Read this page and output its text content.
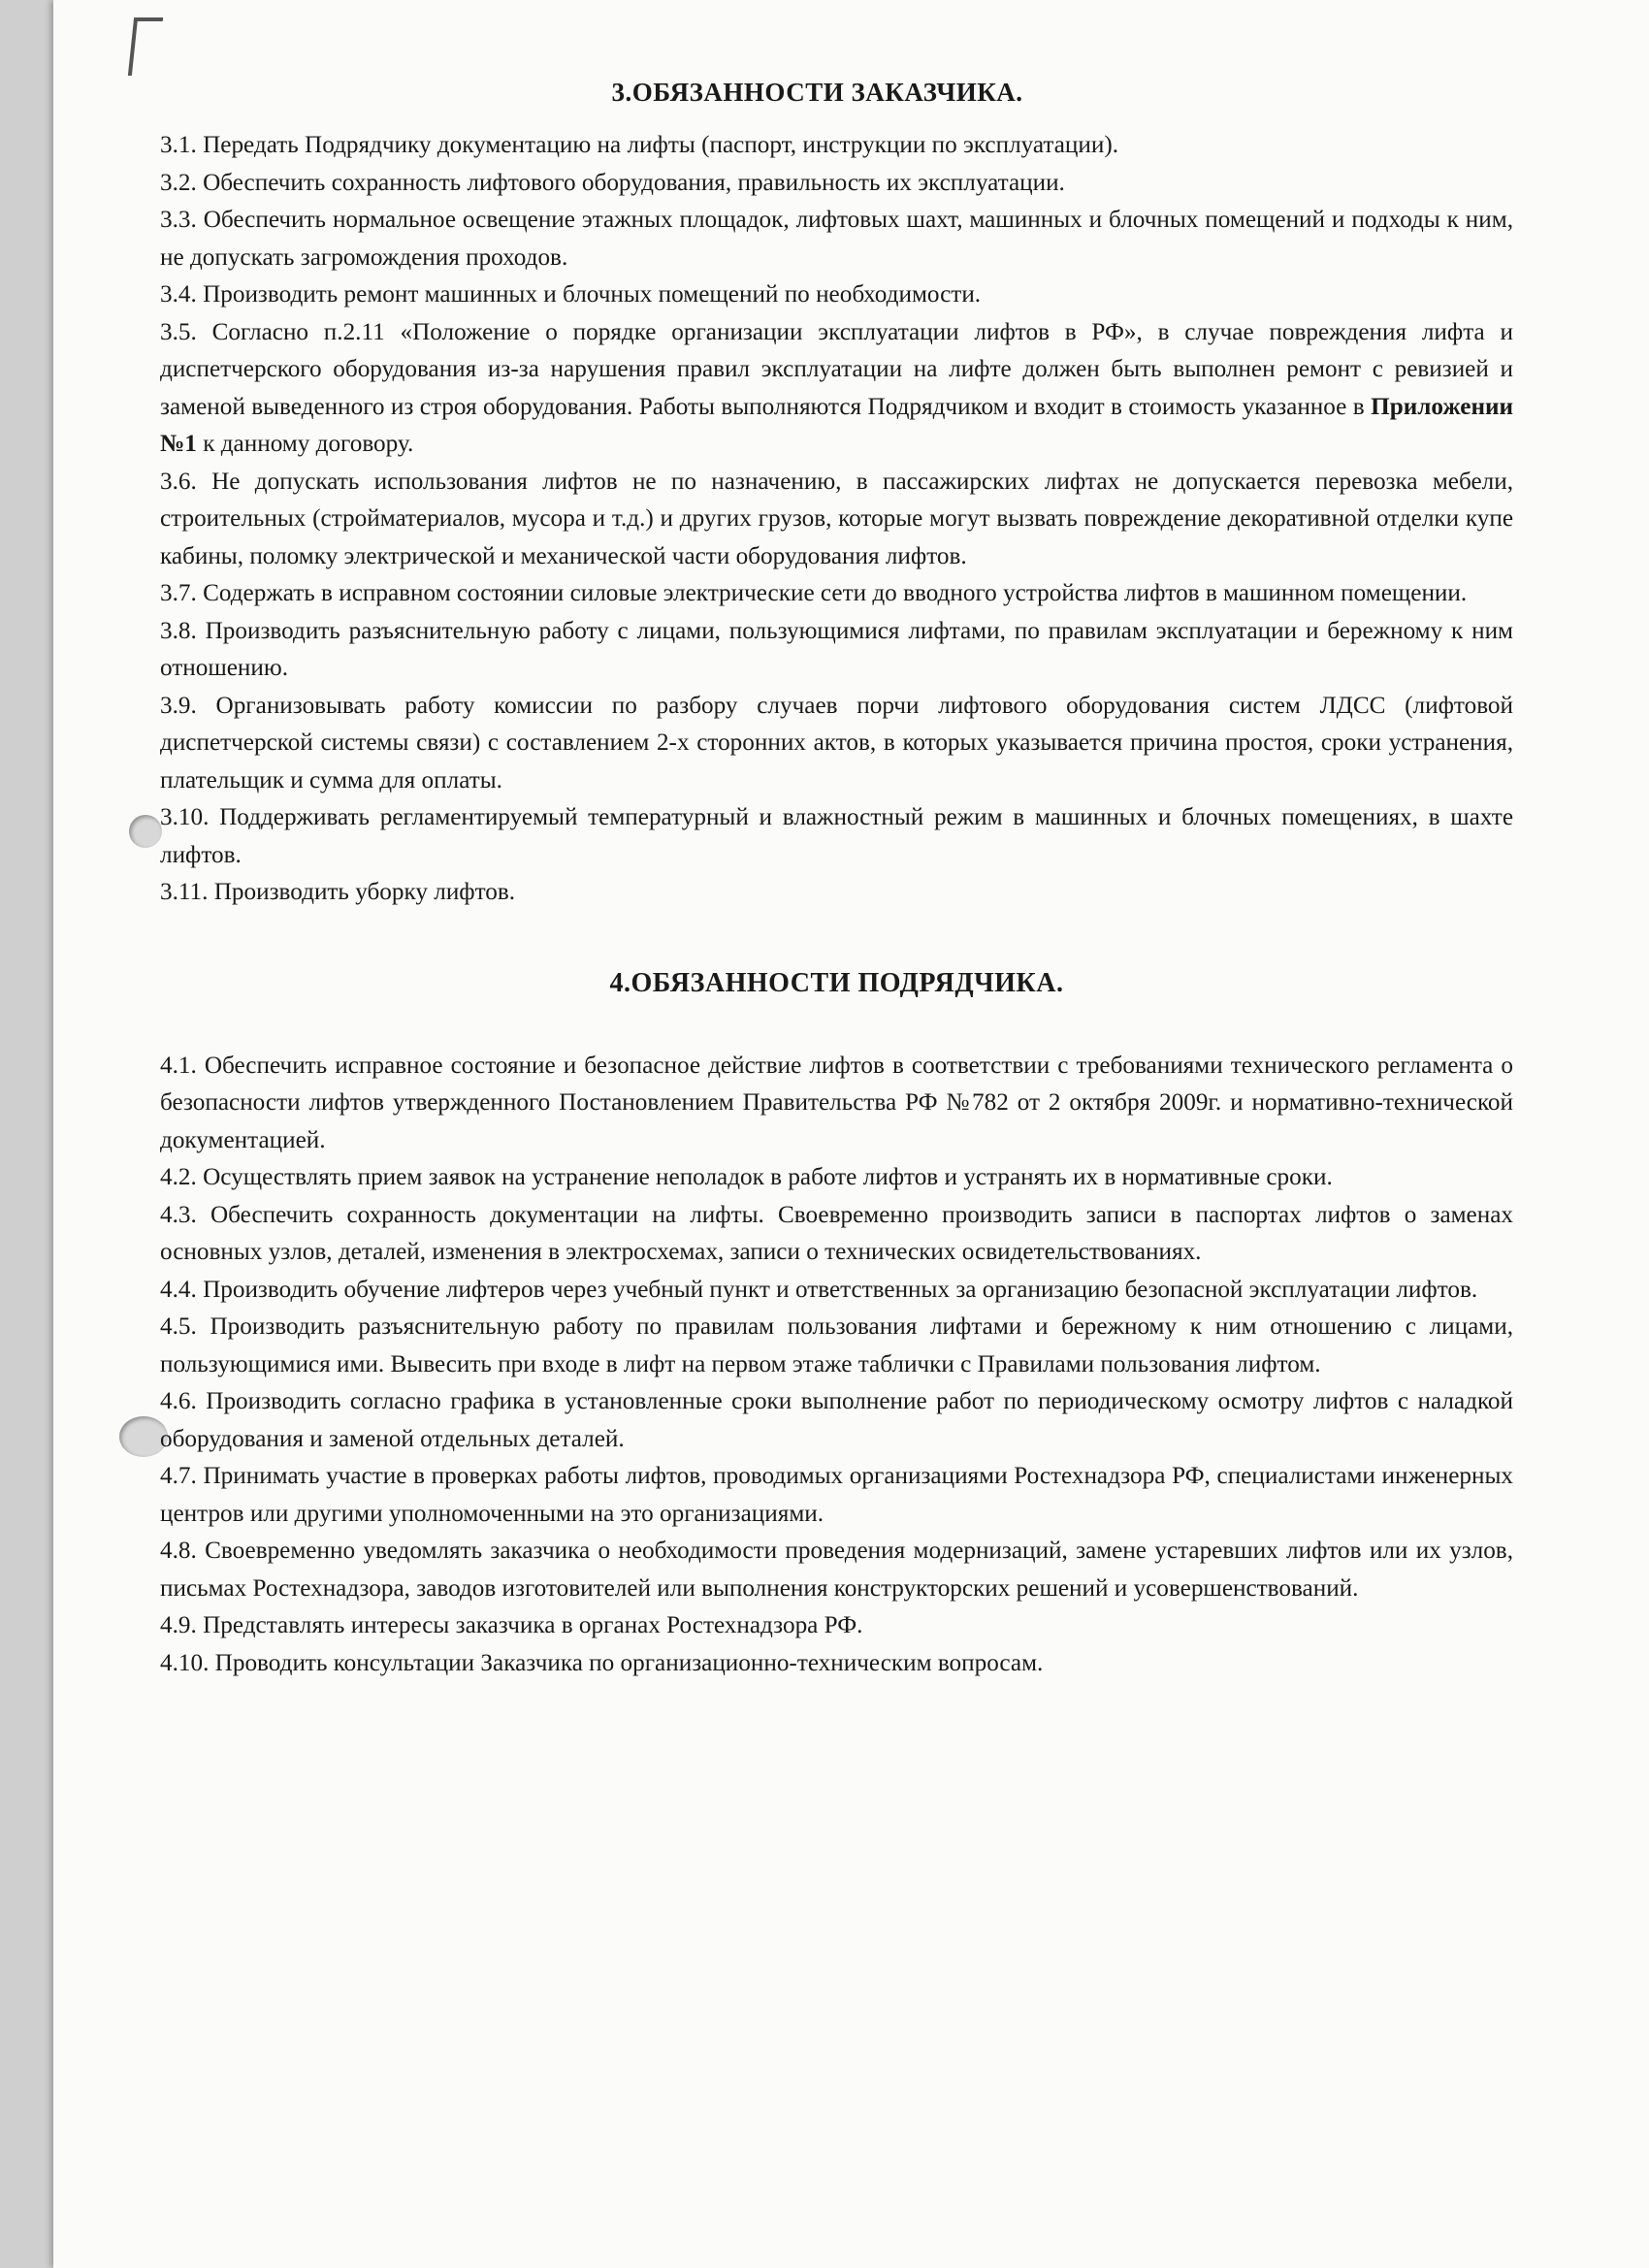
3.ОБЯЗАННОСТИ ЗАКАЗЧИКА.

3.1. Передать Подрядчику документацию на лифты (паспорт, инструкции по эксплуатации).

3.2. Обеспечить сохранность лифтового оборудования, правильность их эксплуатации.

3.3. Обеспечить нормальное освещение этажных площадок, лифтовых шахт, машинных и блочных помещений и подходы к ним, не допускать загромождения проходов.

3.4. Производить ремонт машинных и блочных помещений по необходимости.

3.5. Согласно п.2.11 «Положение о порядке организации эксплуатации лифтов в РФ», в случае повреждения лифта и диспетчерского оборудования из-за нарушения правил эксплуатации на лифте должен быть выполнен ремонт с ревизией и заменой выведенного из строя оборудования. Работы выполняются Подрядчиком и входит в стоимость указанное в Приложении №1 к данному договору.

3.6. Не допускать использования лифтов не по назначению, в пассажирских лифтах не допускается перевозка мебели, строительных (стройматериалов, мусора и т.д.) и других грузов, которые могут вызвать повреждение декоративной отделки купе кабины, поломку электрической и механической части оборудования лифтов.

3.7. Содержать в исправном состоянии силовые электрические сети до вводного устройства лифтов в машинном помещении.

3.8. Производить разъяснительную работу с лицами, пользующимися лифтами, по правилам эксплуатации и бережному к ним отношению.

3.9. Организовывать работу комиссии по разбору случаев порчи лифтового оборудования систем ЛДСС (лифтовой диспетчерской системы связи) с составлением 2-х сторонних актов, в которых указывается причина простоя, сроки устранения, плательщик и сумма для оплаты.

3.10. Поддерживать регламентируемый температурный и влажностный режим в машинных и блочных помещениях, в шахте лифтов.

3.11. Производить уборку лифтов.

4.ОБЯЗАННОСТИ ПОДРЯДЧИКА.

4.1. Обеспечить исправное состояние и безопасное действие лифтов в соответствии с требованиями технического регламента о безопасности лифтов утвержденного Постановлением Правительства РФ №782 от 2 октября 2009г. и нормативно-технической документацией.

4.2. Осуществлять прием заявок на устранение неполадок в работе лифтов и устранять их в нормативные сроки.

4.3. Обеспечить сохранность документации на лифты. Своевременно производить записи в паспортах лифтов о заменах основных узлов, деталей, изменения в электросхемах, записи о технических освидетельствованиях.

4.4. Производить обучение лифтеров через учебный пункт и ответственных за организацию безопасной эксплуатации лифтов.

4.5. Производить разъяснительную работу по правилам пользования лифтами и бережному к ним отношению с лицами, пользующимися ими. Вывесить при входе в лифт на первом этаже таблички с Правилами пользования лифтом.

4.6. Производить согласно графика в установленные сроки выполнение работ по периодическому осмотру лифтов с наладкой оборудования и заменой отдельных деталей.

4.7. Принимать участие в проверках работы лифтов, проводимых организациями Ростехнадзора РФ, специалистами инженерных центров или другими уполномоченными на это организациями.

4.8. Своевременно уведомлять заказчика о необходимости проведения модернизаций, замене устаревших лифтов или их узлов, письмах Ростехнадзора, заводов изготовителей или выполнения конструкторских решений и усовершенствований.

4.9. Представлять интересы заказчика в органах Ростехнадзора РФ.

4.10. Проводить консультации Заказчика по организационно-техническим вопросам.
